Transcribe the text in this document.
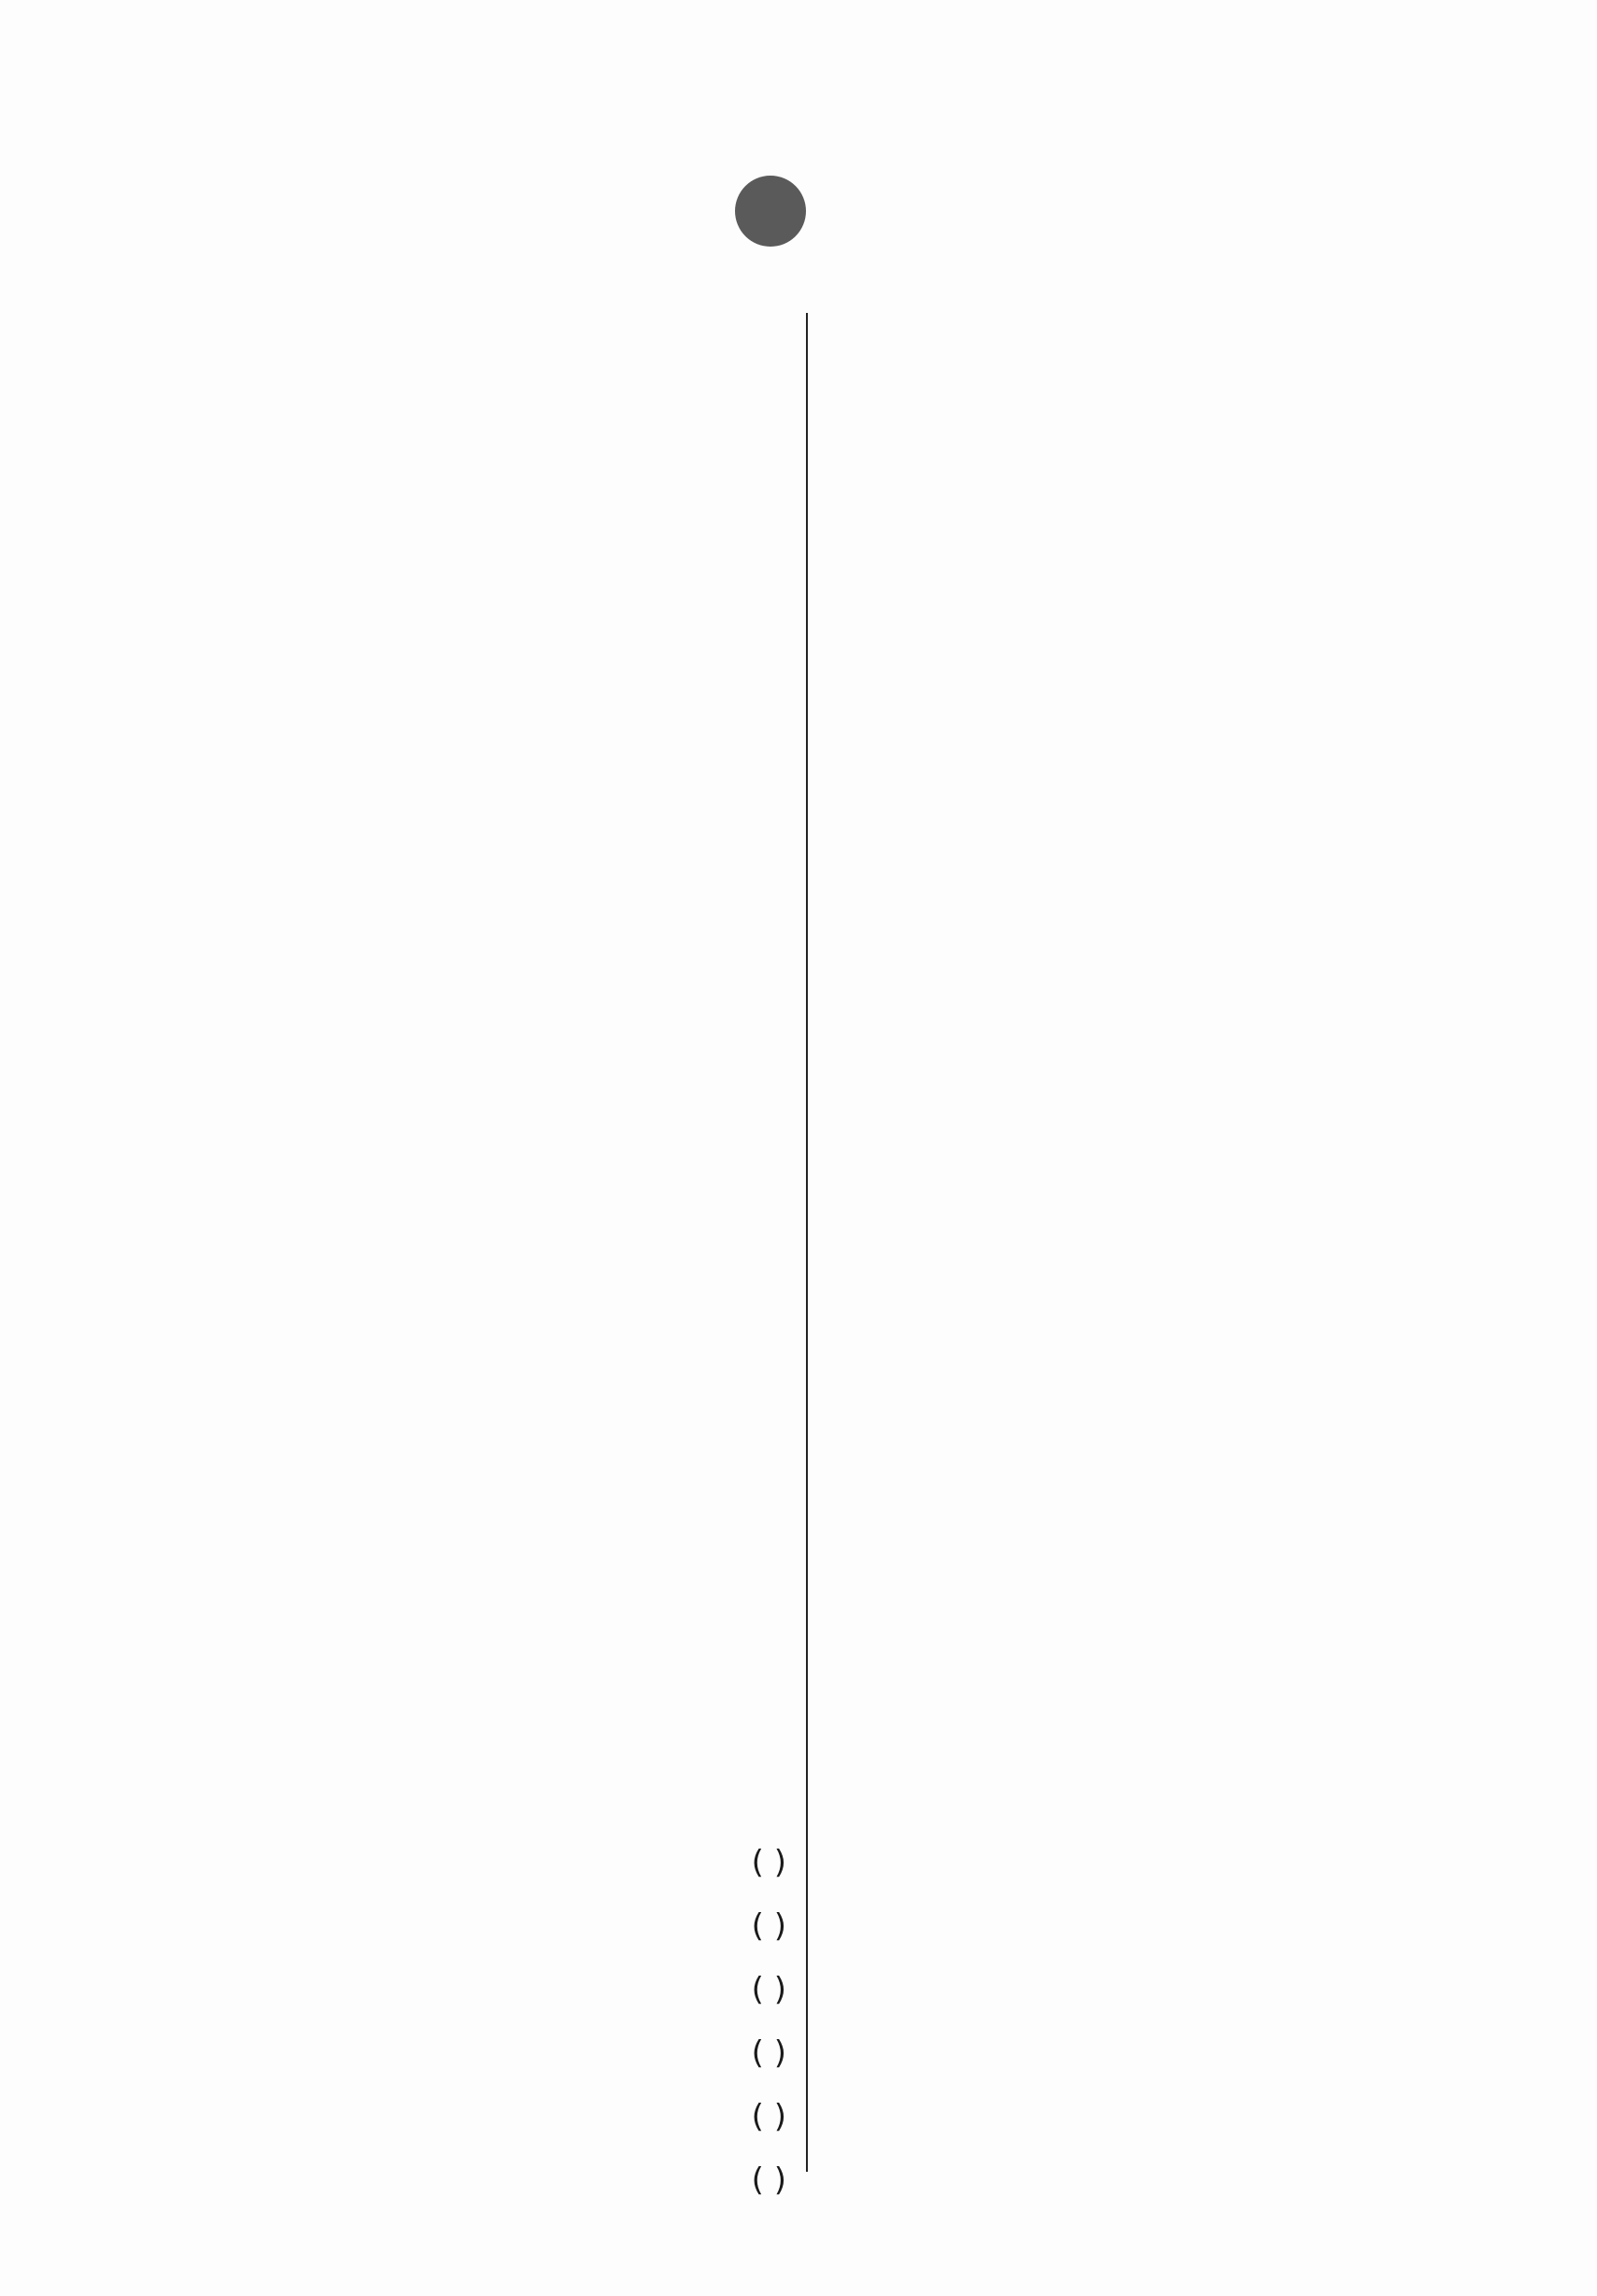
( )
( )
( )
( )
( )
( )
